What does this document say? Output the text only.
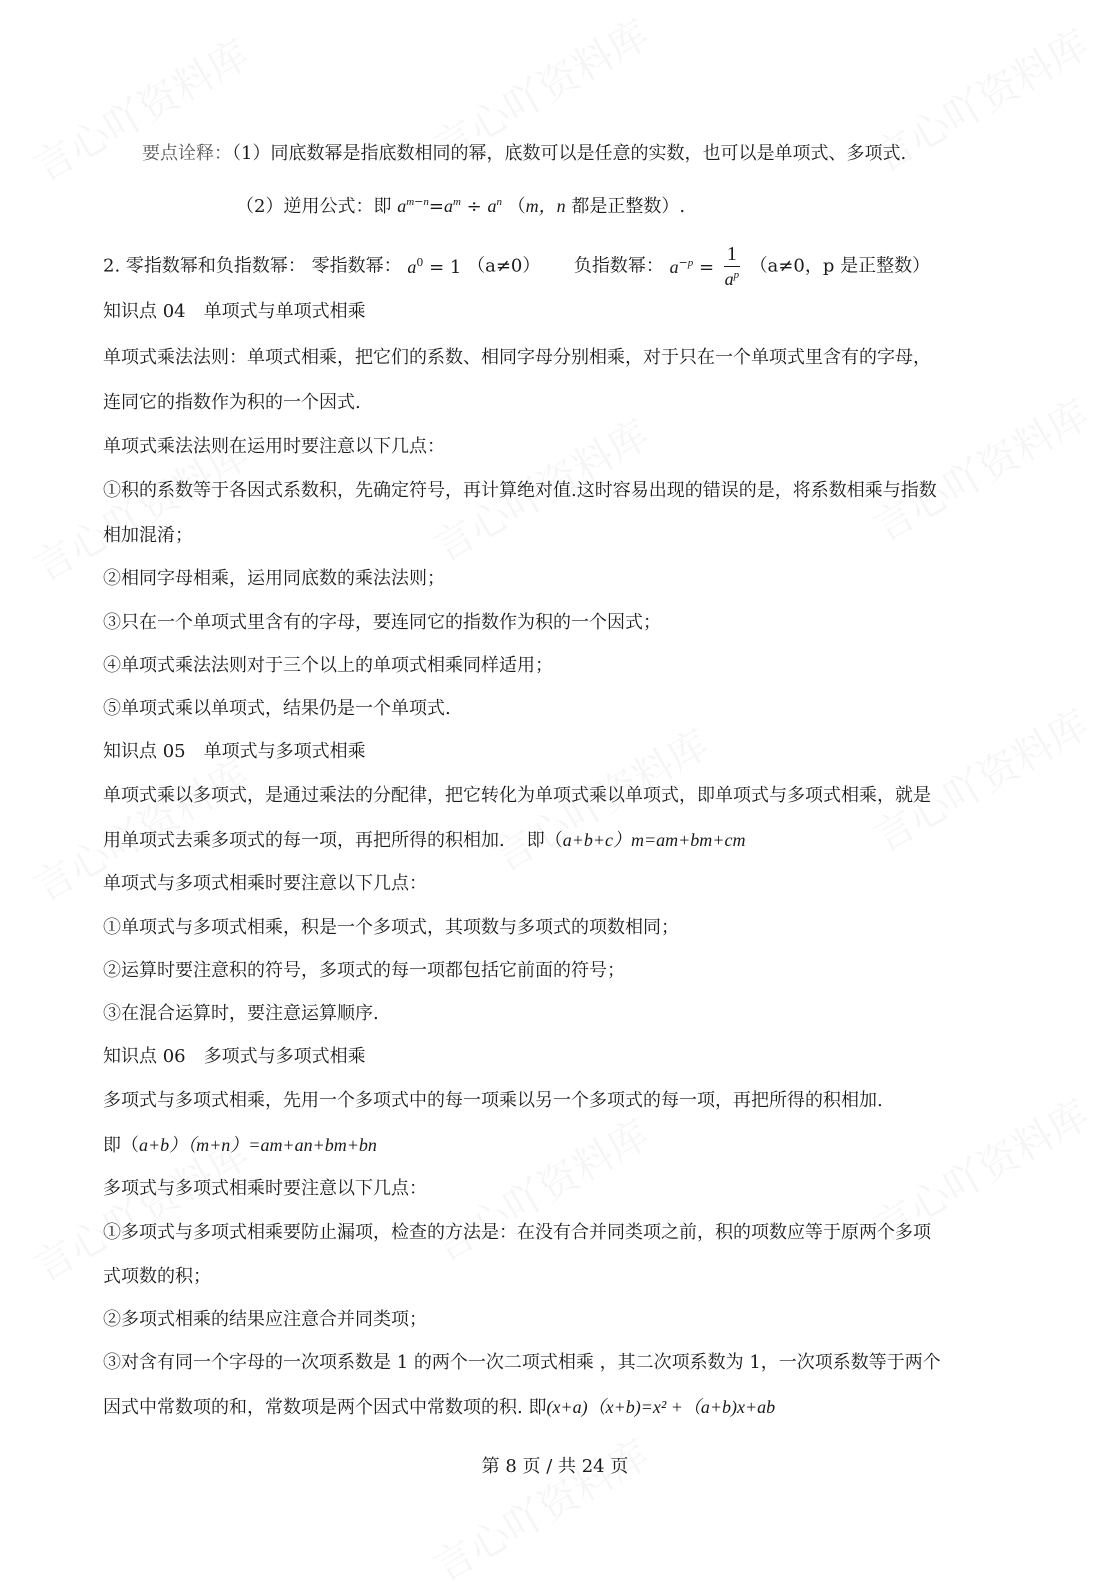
要点诠释：（1）同底数幂是指底数相同的幂，底数可以是任意的实数，也可以是单项式、多项式.
（2）逆用公式：即 $a^{m-n}=a^m \div a^n$ （m，n 都是正整数）.
2. 零指数幂和负指数幂： 零指数幂： $a^0 = 1$ （a≠0） 负指数幂： $a^{-p} = \frac{1}{a^p} (a\ne 0$，p 是正整数）
知识点 04　单项式与单项式相乘
单项式乘法法则：单项式相乘，把它们的系数、相同字母分别相乘，对于只在一个单项式里含有的字母，
连同它的指数作为积的一个因式.
单项式乘法法则在运用时要注意以下几点：
①积的系数等于各因式系数积，先确定符号，再计算绝对值.这时容易出现的错误的是，将系数相乘与指数
相加混淆；
②相同字母相乘，运用同底数的乘法法则；
③只在一个单项式里含有的字母，要连同它的指数作为积的一个因式；
④单项式乘法法则对于三个以上的单项式相乘同样适用；
⑤单项式乘以单项式，结果仍是一个单项式.
知识点 05　单项式与多项式相乘
单项式乘以多项式，是通过乘法的分配律，把它转化为单项式乘以单项式，即单项式与多项式相乘，就是
用单项式去乘多项式的每一项，再把所得的积相加. 即（a+b+c）m=am+bm+cm
单项式与多项式相乘时要注意以下几点：
①单项式与多项式相乘，积是一个多项式，其项数与多项式的项数相同；
②运算时要注意积的符号，多项式的每一项都包括它前面的符号；
③在混合运算时，要注意运算顺序.
知识点 06　多项式与多项式相乘
多项式与多项式相乘，先用一个多项式中的每一项乘以另一个多项式的每一项，再把所得的积相加.
即（a+b）（m+n）=am+an+bm+bn
多项式与多项式相乘时要注意以下几点：
①多项式与多项式相乘要防止漏项，检查的方法是：在没有合并同类项之前，积的项数应等于原两个多项
式项数的积；
②多项式相乘的结果应注意合并同类项；
③对含有同一个字母的一次项系数是 1 的两个一次二项式相乘 ，其二次项系数为 1，一次项系数等于两个
因式中常数项的和，常数项是两个因式中常数项的积. 即(x+a)（x+b)=x² +（a+b)x+ab
第 8 页 / 共 24 页
